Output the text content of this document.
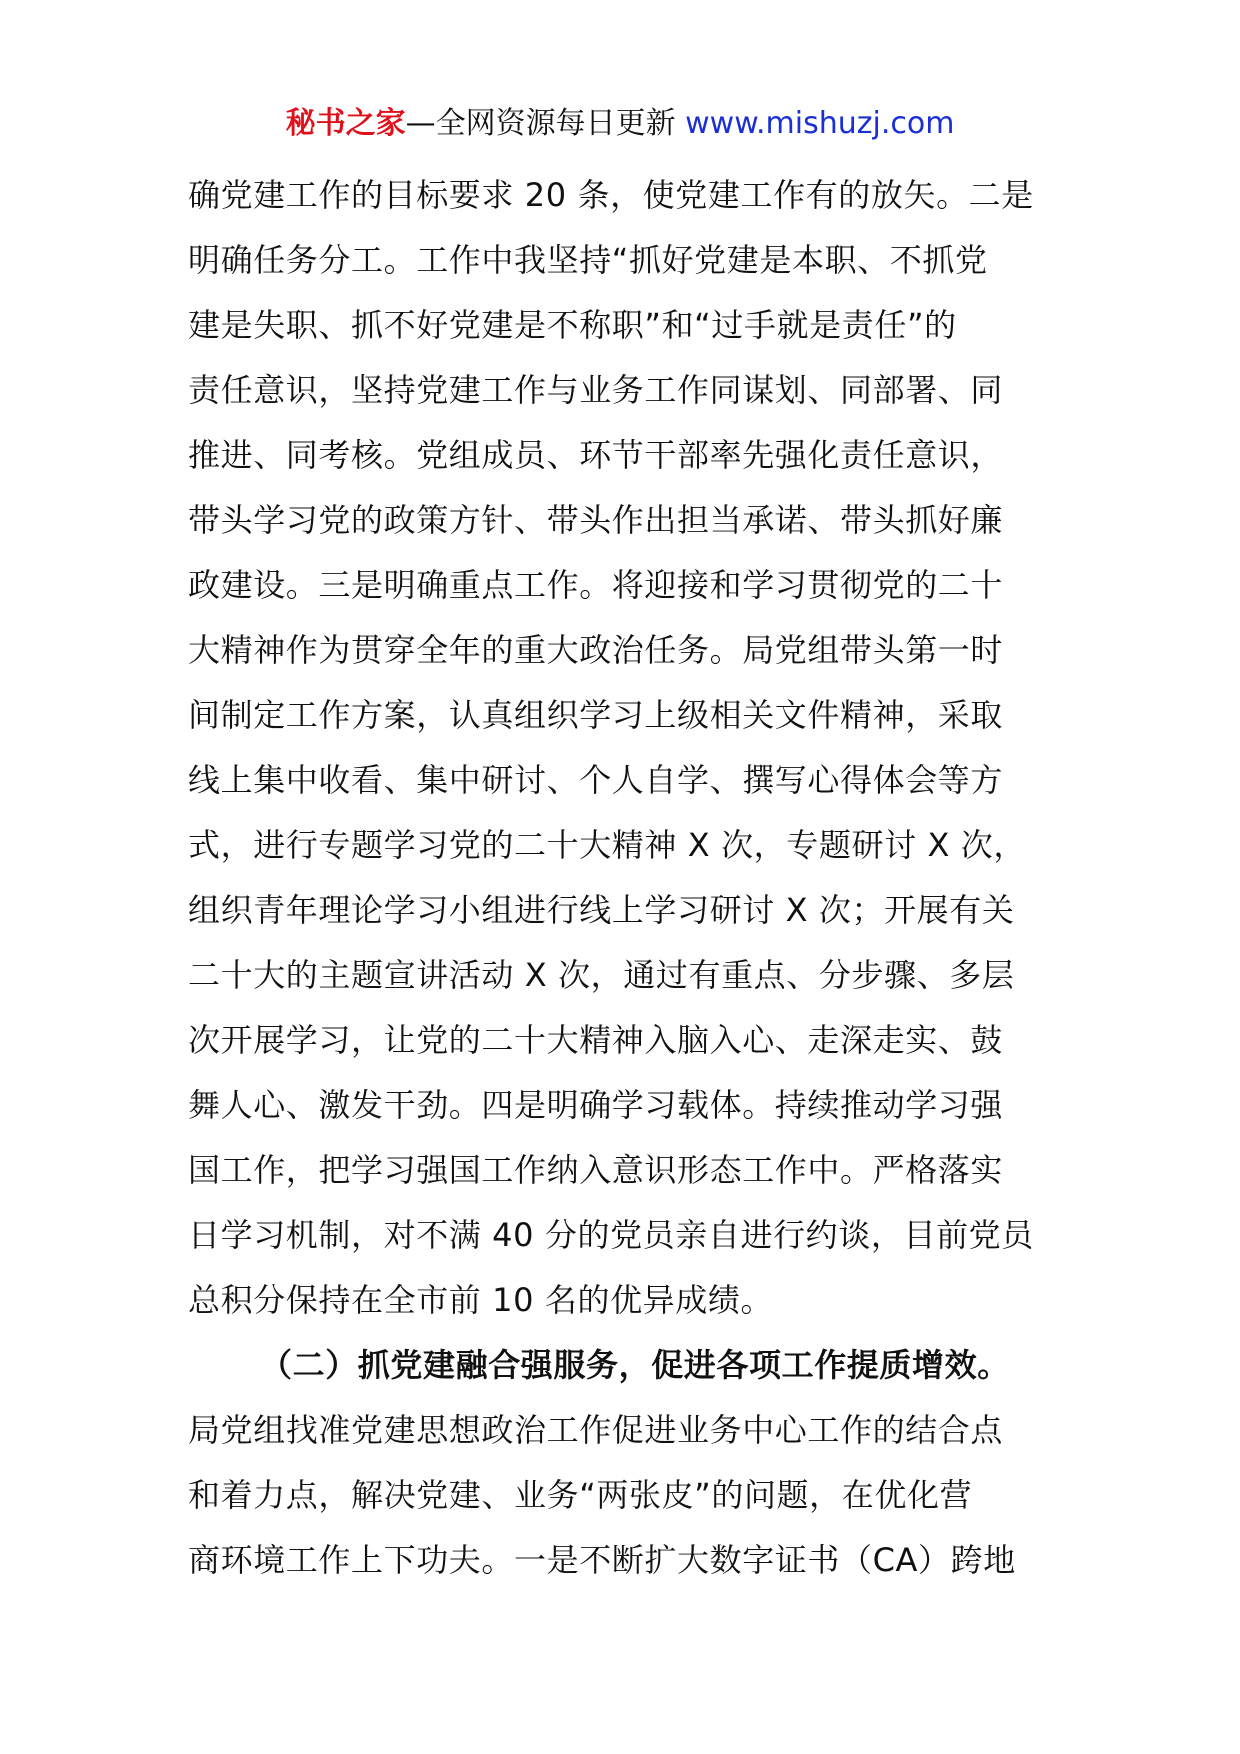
秘书之家—全网资源每日更新 www.mishuzj.com
确党建工作的目标要求 20 条，使党建工作有的放矢。二是
明确任务分工。工作中我坚持“抓好党建是本职、不抓党
建是失职、抓不好党建是不称职”和“过手就是责任”的
责任意识，坚持党建工作与业务工作同谋划、同部署、同
推进、同考核。党组成员、环节干部率先强化责任意识，
带头学习党的政策方针、带头作出担当承诺、带头抓好廉
政建设。三是明确重点工作。将迎接和学习贯彻党的二十
大精神作为贯穿全年的重大政治任务。局党组带头第一时
间制定工作方案，认真组织学习上级相关文件精神，采取
线上集中收看、集中研讨、个人自学、撰写心得体会等方
式，进行专题学习党的二十大精神 X 次，专题研讨 X 次，
组织青年理论学习小组进行线上学习研讨 X 次；开展有关
二十大的主题宣讲活动 X 次，通过有重点、分步骤、多层
次开展学习，让党的二十大精神入脑入心、走深走实、鼓
舞人心、激发干劲。四是明确学习载体。持续推动学习强
国工作，把学习强国工作纳入意识形态工作中。严格落实
日学习机制，对不满 40 分的党员亲自进行约谈，目前党员
总积分保持在全市前 10 名的优异成绩。
（二）抓党建融合强服务，促进各项工作提质增效。
局党组找准党建思想政治工作促进业务中心工作的结合点
和着力点，解决党建、业务“两张皮”的问题，在优化营
商环境工作上下功夫。一是不断扩大数字证书（CA）跨地
